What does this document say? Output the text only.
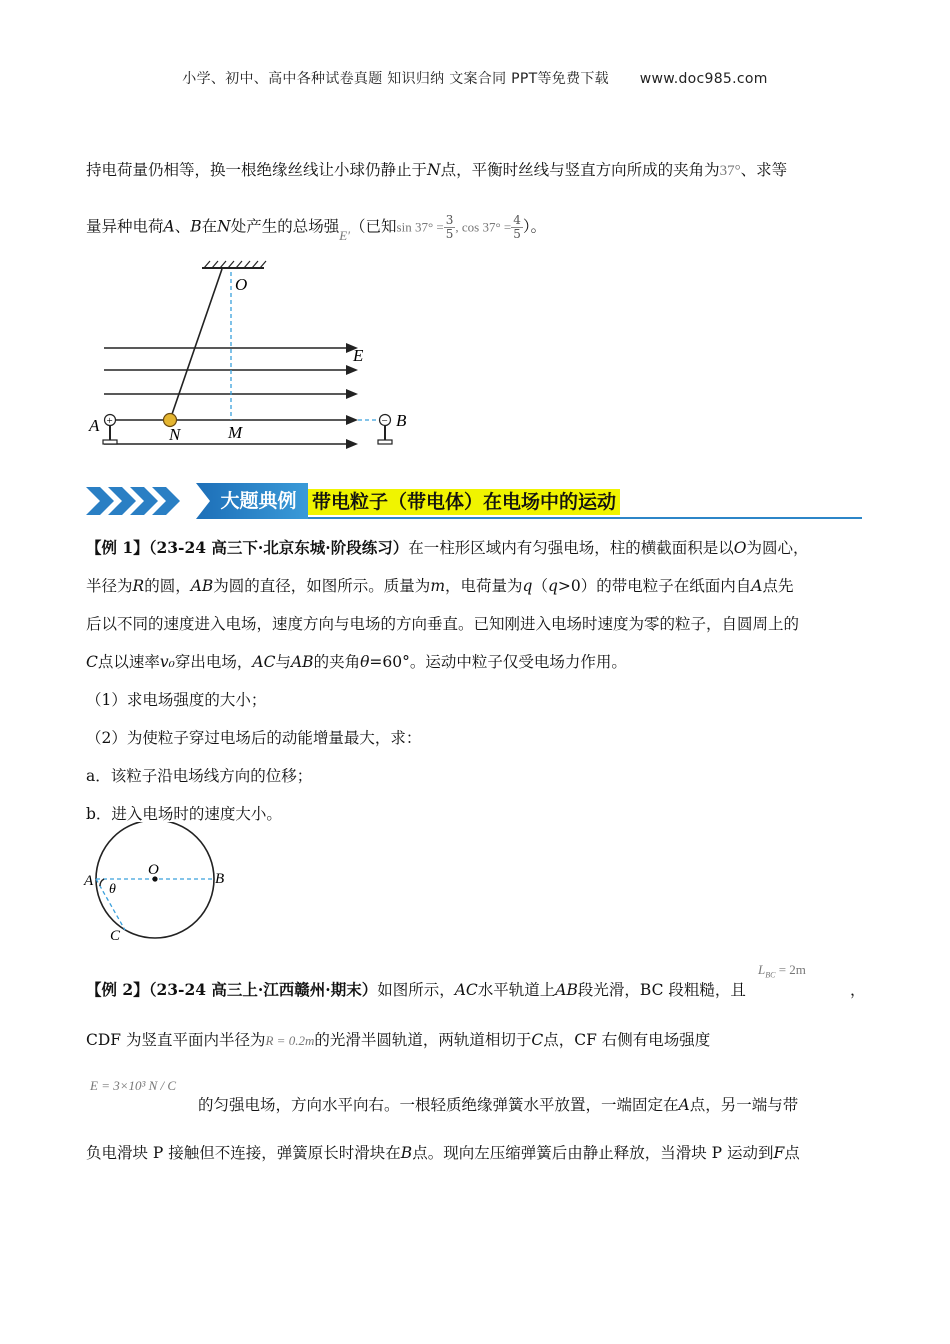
小学、初中、高中各种试卷真题 知识归纳 文案合同 PPT等免费下载 www.doc985.com
持电荷量仍相等，换一根绝缘丝线让小球仍静止于N点，平衡时丝线与竖直方向所成的夹角为37°、求等
量异种电荷A、B在N处产生的总场强$_{E'}$（已知$\sin 37^\circ = \frac{3}{5}$ , $\cos 37^\circ = \frac{4}{5}$ ）。
+	−
O
E
A	B
N	M
大题典例 带电粒子（带电体）在电场中的运动
【例 1】（23-24 高三下·北京东城·阶段练习）在一柱形区域内有匀强电场，柱的横截面积是以O为圆心，
半径为R的圆，AB为圆的直径，如图所示。质量为m，电荷量为q（q>0）的带电粒子在纸面内自A点先
后以不同的速度进入电场，速度方向与电场的方向垂直。已知刚进入电场时速度为零的粒子，自圆周上的
C点以速率v₀穿出电场，AC与AB的夹角θ=60°。运动中粒子仅受电场力作用。
（1）求电场强度的大小；
（2）为使粒子穿过电场后的动能增量最大，求：
a．该粒子沿电场线方向的位移；
b．进入电场时的速度大小。
O
A	B
C
θ
【例 2】（23-24 高三上·江西赣州·期末）如图所示，AC水平轨道上AB段光滑，BC 段粗糙，且
$L_{BC} = 2m$
，
CDF 为竖直平面内半径为R = 0.2m的光滑半圆轨道，两轨道相切于C点，CF 右侧有电场强度
E = 3×10³ N / C
的匀强电场，方向水平向右。一根轻质绝缘弹簧水平放置，一端固定在A点，另一端与带
负电滑块 P 接触但不连接，弹簧原长时滑块在B点。现向左压缩弹簧后由静止释放，当滑块 P 运动到F点
